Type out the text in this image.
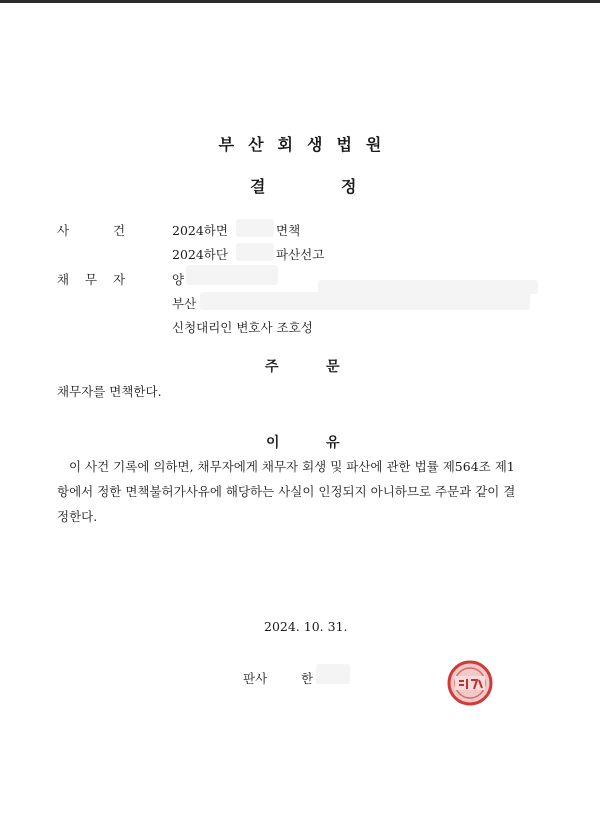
부산회생법원
결	정
사	건	2024하면	면책
2024하단	파산선고
채 무 자	양
부산
신청대리인 변호사 조호성
주	문
채무자를 면책한다.
이	유
이 사건 기록에 의하면, 채무자에게 채무자 회생 및 파산에 관한 법률 제564조 제1
항에서 정한 면책불허가사유에 해당하는 사실이 인정되지 아니하므로 주문과 같이 결
정한다.
2024. 10. 31.
판사	한
